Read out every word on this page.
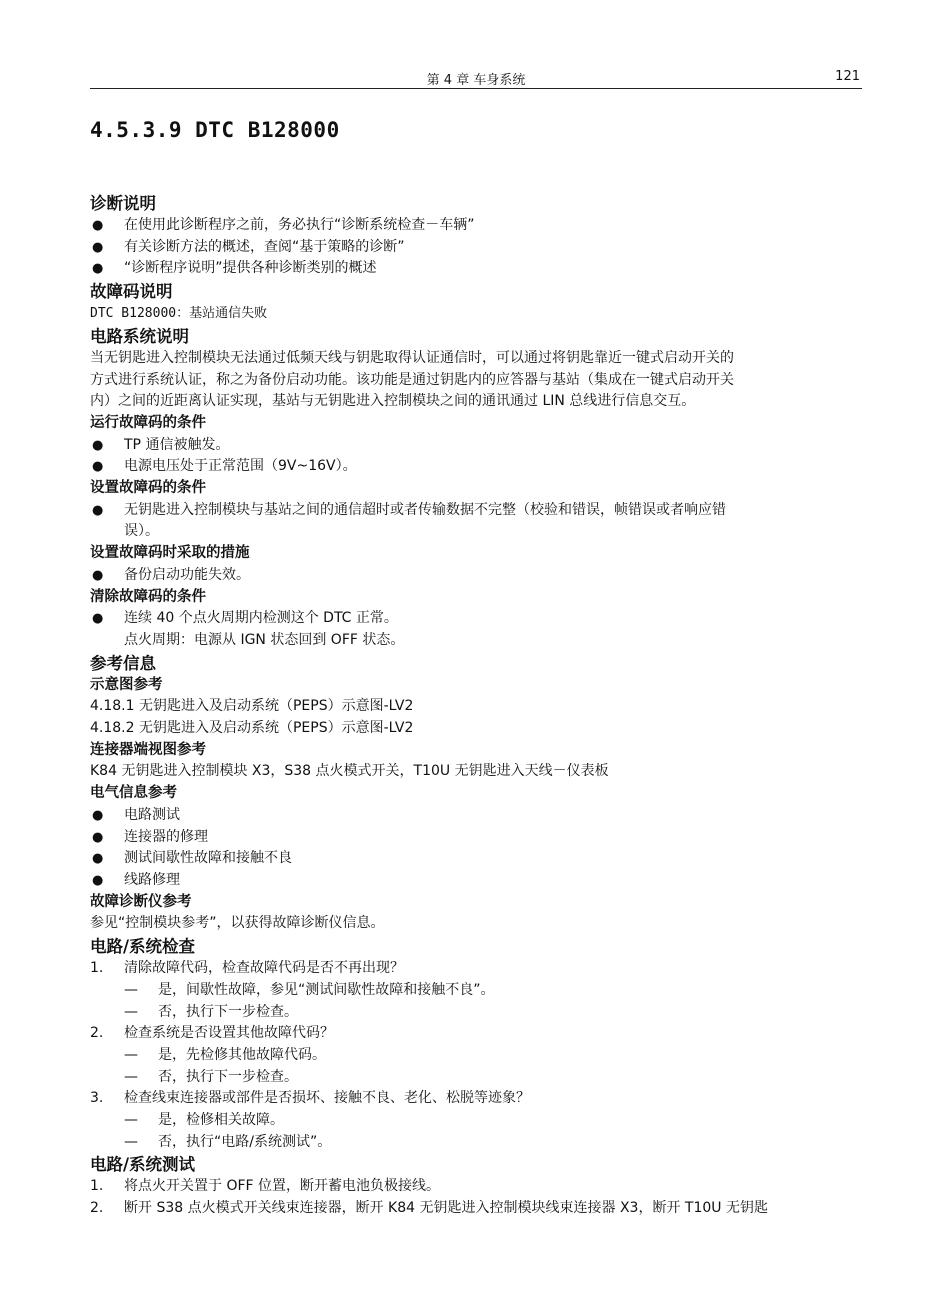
第 4 章 车身系统	121
4.5.3.9 DTC B128000
诊断说明
● 在使用此诊断程序之前，务必执行“诊断系统检查－车辆”
● 有关诊断方法的概述，查阅“基于策略的诊断”
● “诊断程序说明”提供各种诊断类别的概述
故障码说明
DTC B128000：基站通信失败
电路系统说明
当无钥匙进入控制模块无法通过低频天线与钥匙取得认证通信时，可以通过将钥匙靠近一键式启动开关的
方式进行系统认证，称之为备份启动功能。该功能是通过钥匙内的应答器与基站（集成在一键式启动开关
内）之间的近距离认证实现，基站与无钥匙进入控制模块之间的通讯通过 LIN 总线进行信息交互。
运行故障码的条件
● TP 通信被触发。
● 电源电压处于正常范围（9V~16V）。
设置故障码的条件
● 无钥匙进入控制模块与基站之间的通信超时或者传输数据不完整（校验和错误，帧错误或者响应错
误）。
设置故障码时采取的措施
● 备份启动功能失效。
清除故障码的条件
● 连续 40 个点火周期内检测这个 DTC 正常。
点火周期：电源从 IGN 状态回到 OFF 状态。
参考信息
示意图参考
4.18.1 无钥匙进入及启动系统（PEPS）示意图-LV2
4.18.2 无钥匙进入及启动系统（PEPS）示意图-LV2
连接器端视图参考
K84 无钥匙进入控制模块 X3，S38 点火模式开关，T10U 无钥匙进入天线－仪表板
电气信息参考
● 电路测试
● 连接器的修理
● 测试间歇性故障和接触不良
● 线路修理
故障诊断仪参考
参见“控制模块参考”，以获得故障诊断仪信息。
电路/系统检查
1. 清除故障代码，检查故障代码是否不再出现？
— 是，间歇性故障，参见“测试间歇性故障和接触不良”。
— 否，执行下一步检查。
2. 检查系统是否设置其他故障代码？
— 是，先检修其他故障代码。
— 否，执行下一步检查。
3. 检查线束连接器或部件是否损坏、接触不良、老化、松脱等迹象？
— 是，检修相关故障。
— 否，执行“电路/系统测试”。
电路/系统测试
1. 将点火开关置于 OFF 位置，断开蓄电池负极接线。
2. 断开 S38 点火模式开关线束连接器，断开 K84 无钥匙进入控制模块线束连接器 X3，断开 T10U 无钥匙
